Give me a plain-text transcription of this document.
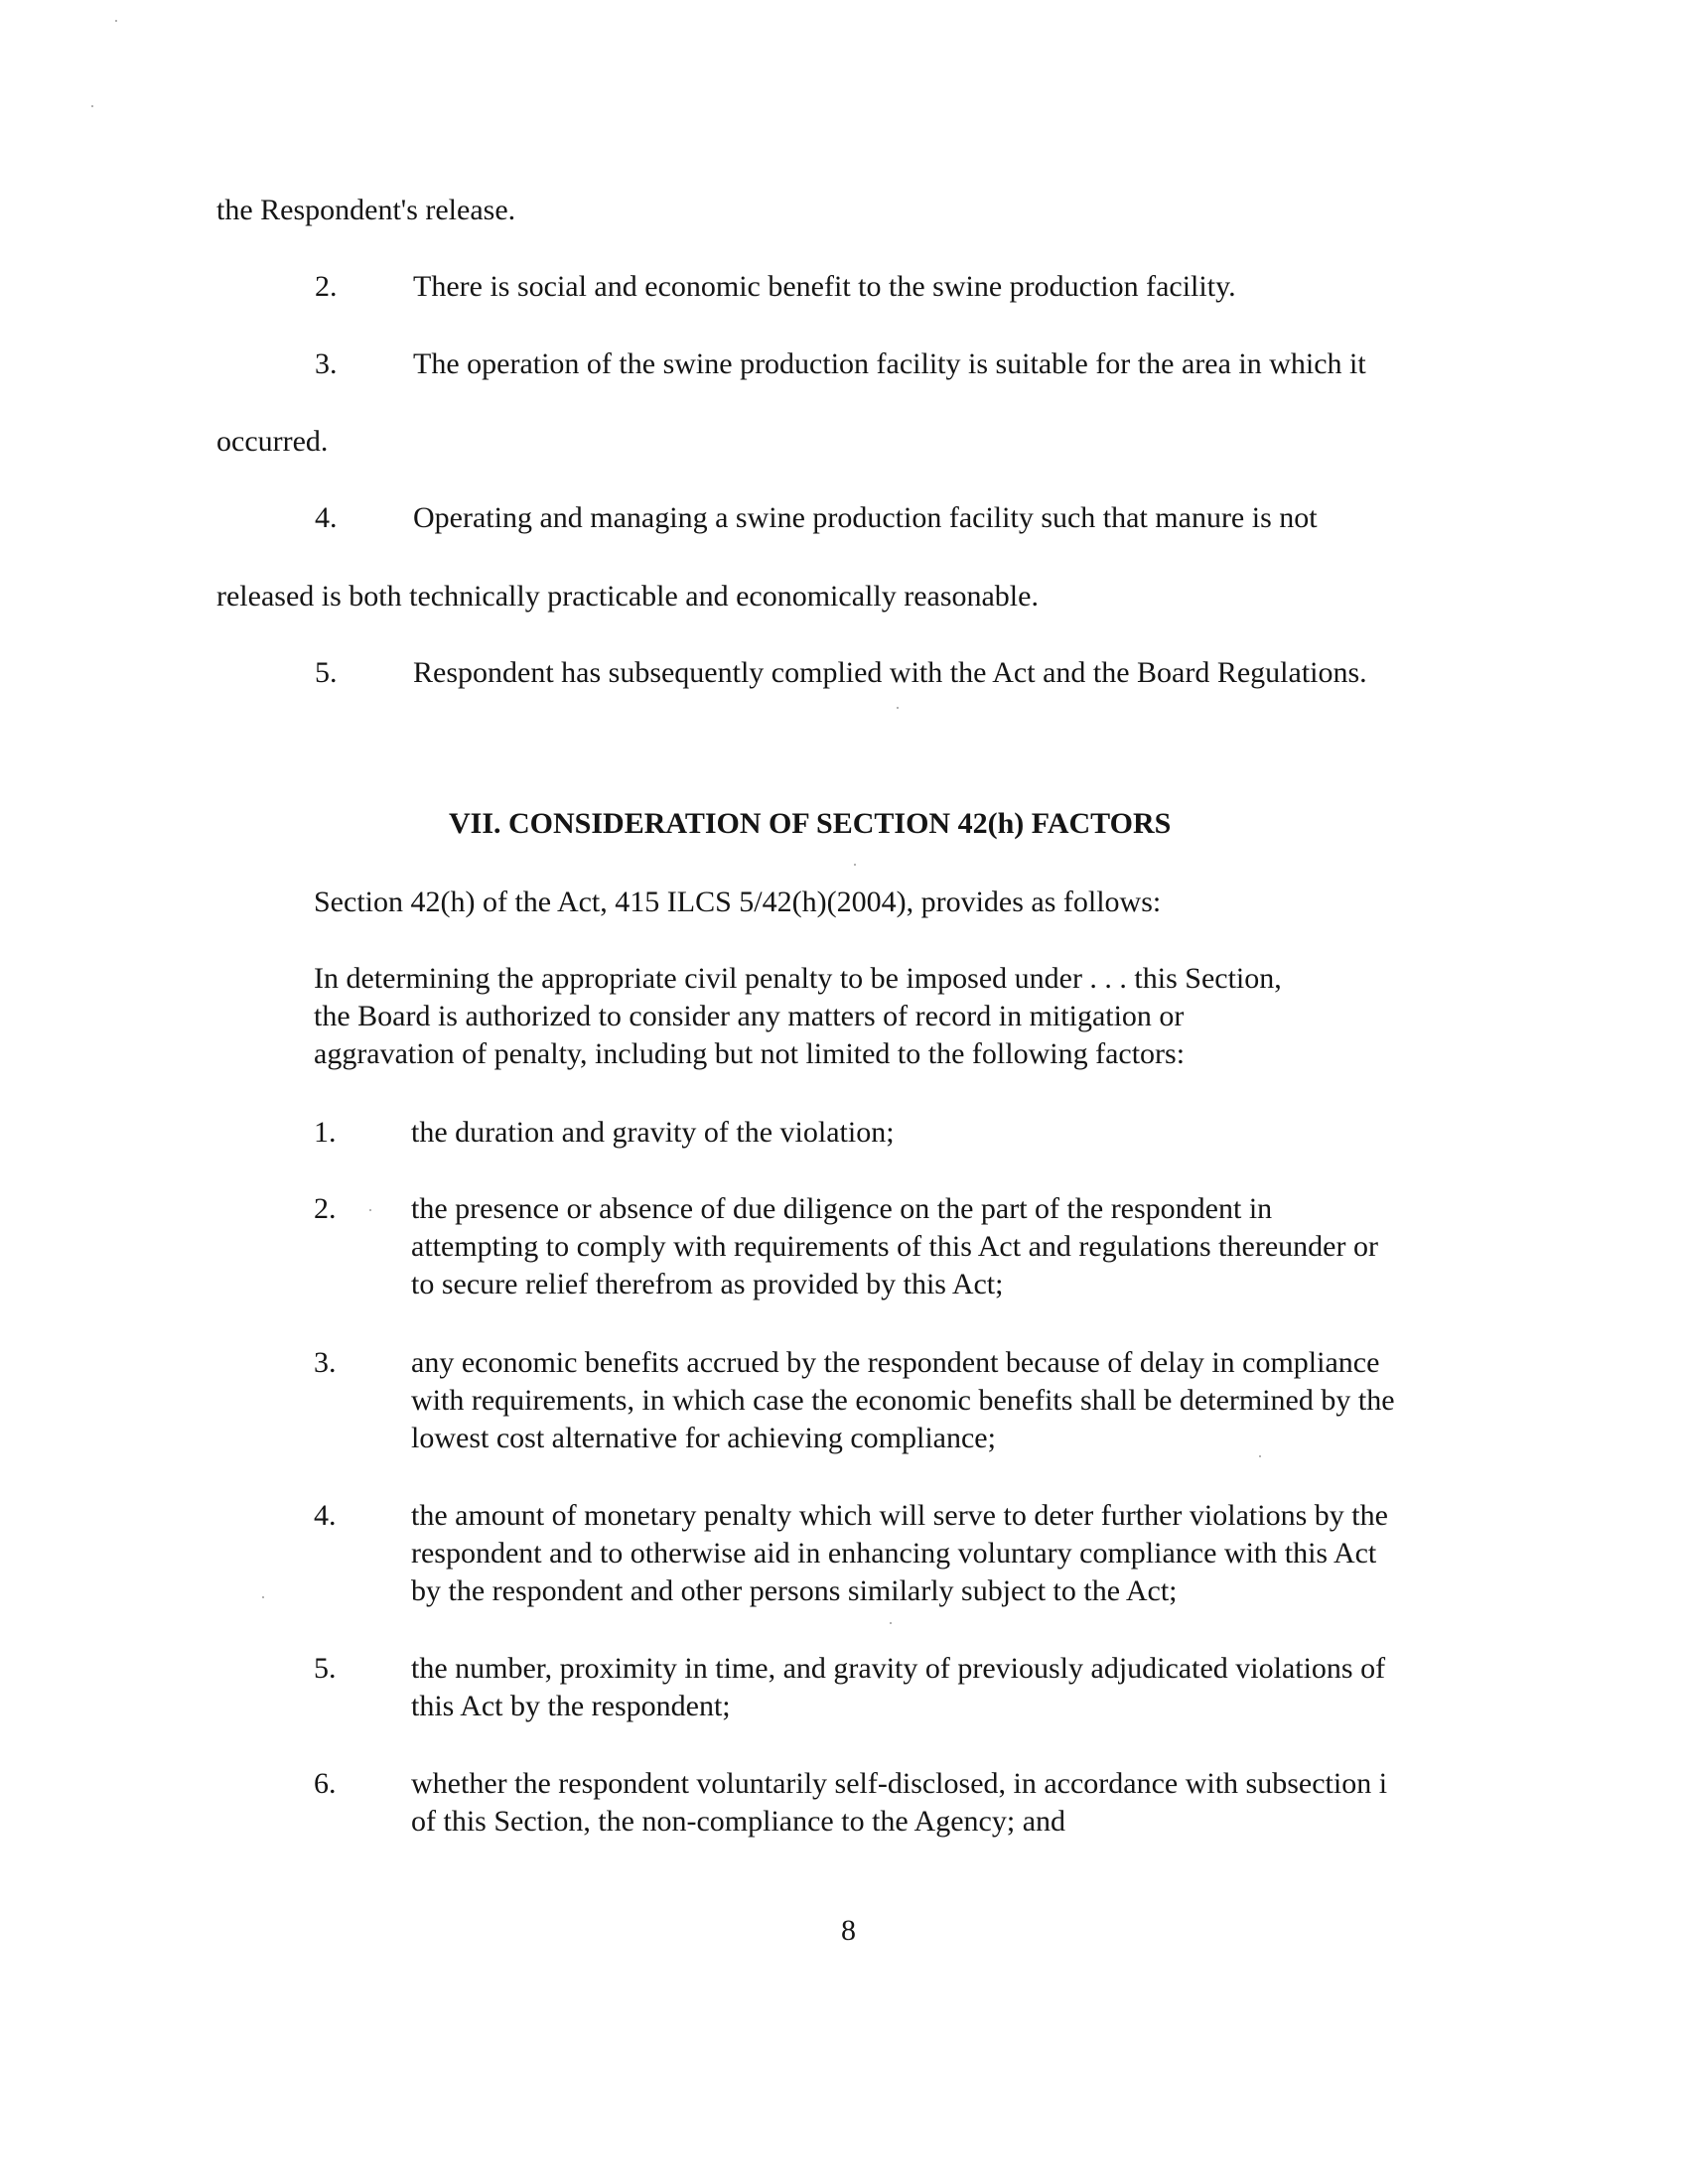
the Respondent's release.
2.	There is social and economic benefit to the swine production facility.
3.	The operation of the swine production facility is suitable for the area in which it
occurred.
4.	Operating and managing a swine production facility such that manure is not
released is both technically practicable and economically reasonable.
5.	Respondent has subsequently complied with the Act and the Board Regulations.
VII. CONSIDERATION OF SECTION 42(h) FACTORS
Section 42(h) of the Act, 415 ILCS 5/42(h)(2004), provides as follows:
In determining the appropriate civil penalty to be imposed under . . . this Section,
the Board is authorized to consider any matters of record in mitigation or
aggravation of penalty, including but not limited to the following factors:
1.	the duration and gravity of the violation;
2.	the presence or absence of due diligence on the part of the respondent in
attempting to comply with requirements of this Act and regulations thereunder or
to secure relief therefrom as provided by this Act;
3.	any economic benefits accrued by the respondent because of delay in compliance
with requirements, in which case the economic benefits shall be determined by the
lowest cost alternative for achieving compliance;
4.	the amount of monetary penalty which will serve to deter further violations by the
respondent and to otherwise aid in enhancing voluntary compliance with this Act
by the respondent and other persons similarly subject to the Act;
5.	the number, proximity in time, and gravity of previously adjudicated violations of
this Act by the respondent;
6.	whether the respondent voluntarily self-disclosed, in accordance with subsection i
of this Section, the non-compliance to the Agency; and
8
